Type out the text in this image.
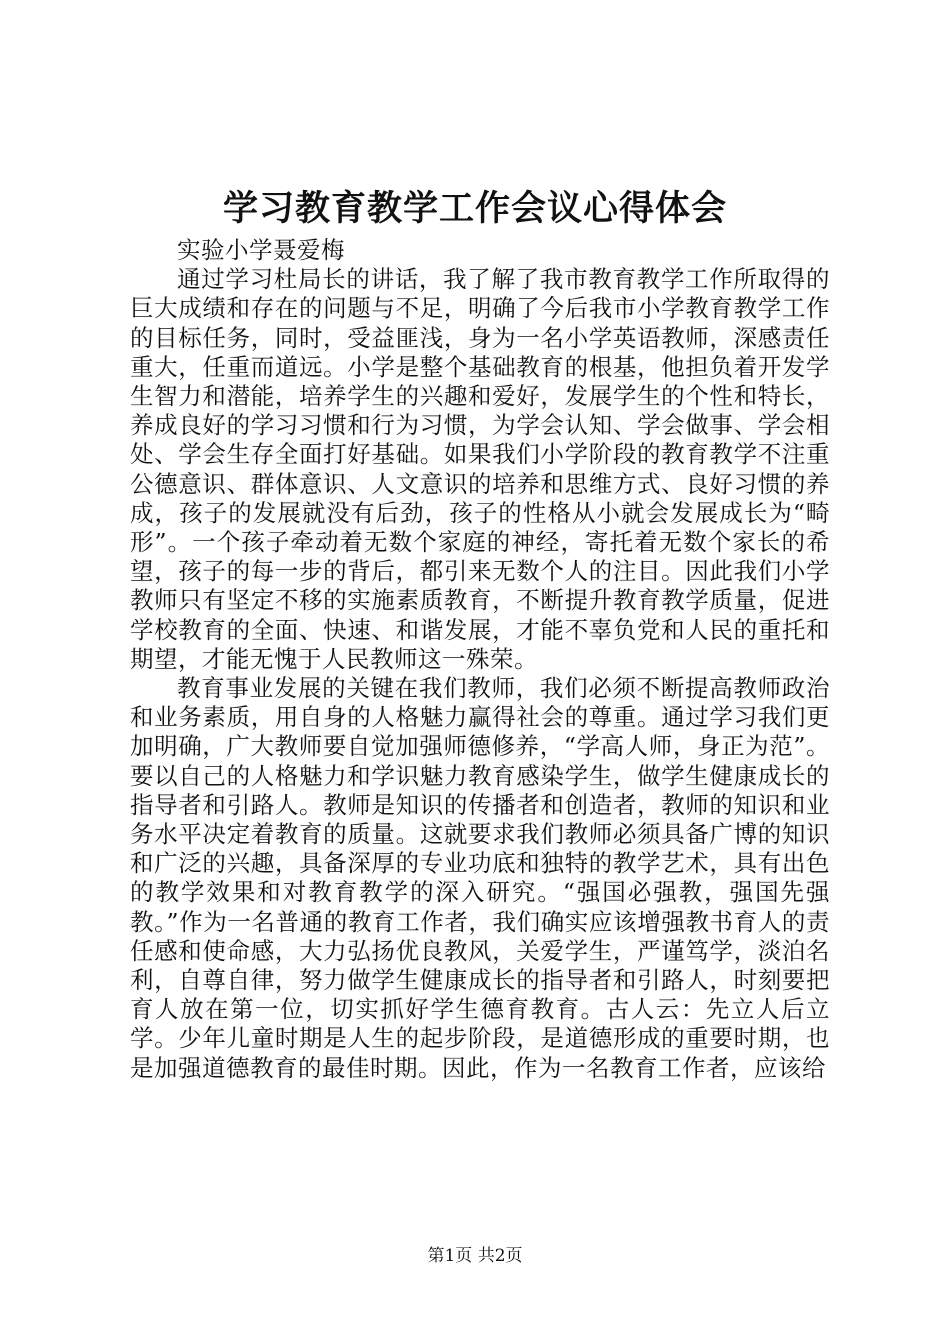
学习教育教学工作会议心得体会

实验小学聂爱梅

通过学习杜局长的讲话，我了解了我市教育教学工作所取得的巨大成绩和存在的问题与不足，明确了今后我市小学教育教学工作的目标任务，同时，受益匪浅，身为一名小学英语教师，深感责任重大，任重而道远。小学是整个基础教育的根基，他担负着开发学生智力和潜能，培养学生的兴趣和爱好，发展学生的个性和特长，养成良好的学习习惯和行为习惯，为学会认知、学会做事、学会相处、学会生存全面打好基础。如果我们小学阶段的教育教学不注重公德意识、群体意识、人文意识的培养和思维方式、良好习惯的养成，孩子的发展就没有后劲，孩子的性格从小就会发展成长为“畸形”。一个孩子牵动着无数个家庭的神经，寄托着无数个家长的希望，孩子的每一步的背后，都引来无数个人的注目。因此我们小学教师只有坚定不移的实施素质教育，不断提升教育教学质量，促进学校教育的全面、快速、和谐发展，才能不辜负党和人民的重托和期望，才能无愧于人民教师这一殊荣。

教育事业发展的关键在我们教师，我们必须不断提高教师政治和业务素质，用自身的人格魅力赢得社会的尊重。通过学习我们更加明确，广大教师要自觉加强师德修养，“学高人师，身正为范”。要以自己的人格魅力和学识魅力教育感染学生，做学生健康成长的指导者和引路人。教师是知识的传播者和创造者，教师的知识和业务水平决定着教育的质量。这就要求我们教师必须具备广博的知识和广泛的兴趣，具备深厚的专业功底和独特的教学艺术，具有出色的教学效果和对教育教学的深入研究。“强国必强教，强国先强教。”作为一名普通的教育工作者，我们确实应该增强教书育人的责任感和使命感，大力弘扬优良教风，关爱学生，严谨笃学，淡泊名利，自尊自律，努力做学生健康成长的指导者和引路人，时刻要把育人放在第一位，切实抓好学生德育教育。古人云：先立人后立学。少年儿童时期是人生的起步阶段，是道德形成的重要时期，也是加强道德教育的最佳时期。因此，作为一名教育工作者，应该给

第1页 共2页
